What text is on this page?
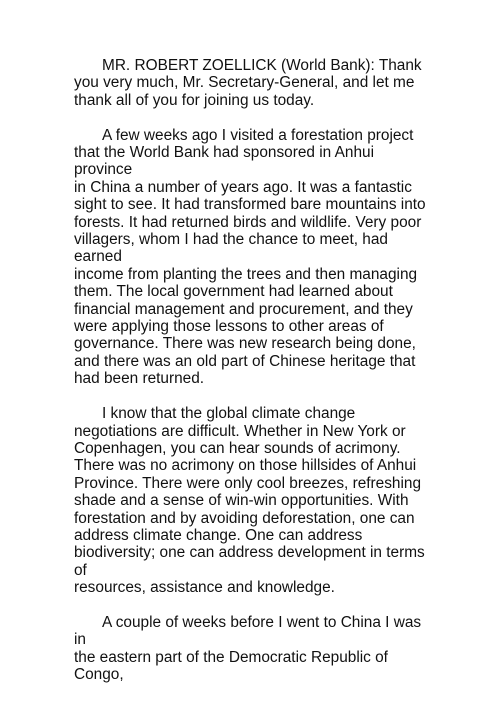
MR. ROBERT ZOELLICK (World Bank): Thank
you very much, Mr. Secretary-General, and let me
thank all of you for joining us today.

A few weeks ago I visited a forestation project
that the World Bank had sponsored in Anhui province
in China a number of years ago. It was a fantastic
sight to see. It had transformed bare mountains into
forests. It had returned birds and wildlife. Very poor
villagers, whom I had the chance to meet, had earned
income from planting the trees and then managing
them. The local government had learned about
financial management and procurement, and they
were applying those lessons to other areas of
governance. There was new research being done,
and there was an old part of Chinese heritage that
had been returned.

I know that the global climate change
negotiations are difficult. Whether in New York or
Copenhagen, you can hear sounds of acrimony.
There was no acrimony on those hillsides of Anhui
Province. There were only cool breezes, refreshing
shade and a sense of win-win opportunities. With
forestation and by avoiding deforestation, one can
address climate change. One can address
biodiversity; one can address development in terms of
resources, assistance and knowledge.

A couple of weeks before I went to China I was in
the eastern part of the Democratic Republic of Congo,
